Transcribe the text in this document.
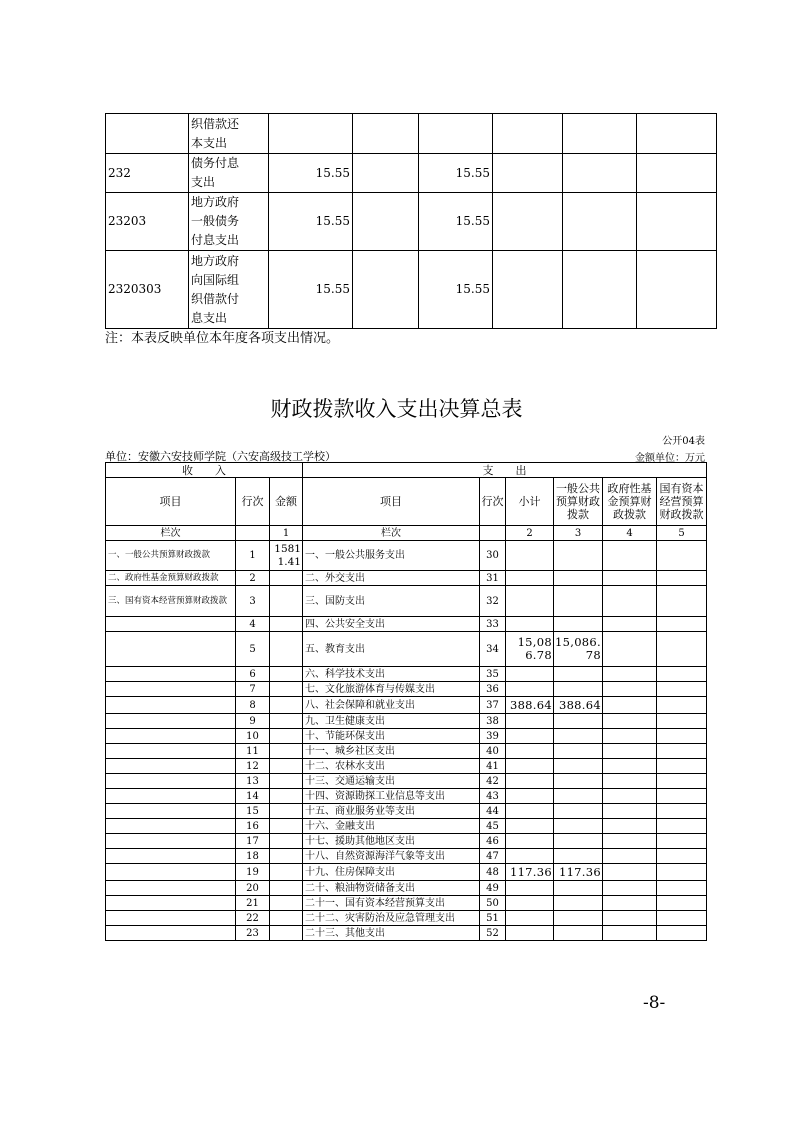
	织借款还
本支出						

232	债务付息
支出	15.55		15.55			
23203	地方政府
一般债务
付息支出	15.55		15.55			
2320303	地方政府
向国际组
织借款付
息支出	15.55		15.55			
注：本表反映单位本年度各项支出情况。
财政拨款收入支出决算总表
公开04表
单位：安徽六安技师学院（六安高级技工学校）	金额单位：万元
收　　入			支　　出					
项目	行次	金额	项目	行次	小计	一般公共预算财政拨款	政府性基金预算财政拨款	国有资本经营预算财政拨款
栏次		1	栏次		2	3	4	5
一、一般公共预算财政拨款	1	15811.41	一、一般公共服务支出	30				
二、政府性基金预算财政拨款	2		二、外交支出	31				
三、国有资本经营预算财政拨款	3		三、国防支出	32				
	4		四、公共安全支出	33				
	5		五、教育支出	34	15,086.78	15,086.78		
	6		六、科学技术支出	35				
	7		七、文化旅游体育与传媒支出	36				
	8		八、社会保障和就业支出	37	388.64	388.64		
	9		九、卫生健康支出	38				
	10		十、节能环保支出	39				
	11		十一、城乡社区支出	40				
	12		十二、农林水支出	41				
	13		十三、交通运输支出	42				
	14		十四、资源勘探工业信息等支出	43				
	15		十五、商业服务业等支出	44				
	16		十六、金融支出	45				
	17		十七、援助其他地区支出	46				
	18		十八、自然资源海洋气象等支出	47				
	19		十九、住房保障支出	48	117.36	117.36		
	20		二十、粮油物资储备支出	49				
	21		二十一、国有资本经营预算支出	50				
	22		二十二、灾害防治及应急管理支出	51				
	23		二十三、其他支出	52				
-8-
